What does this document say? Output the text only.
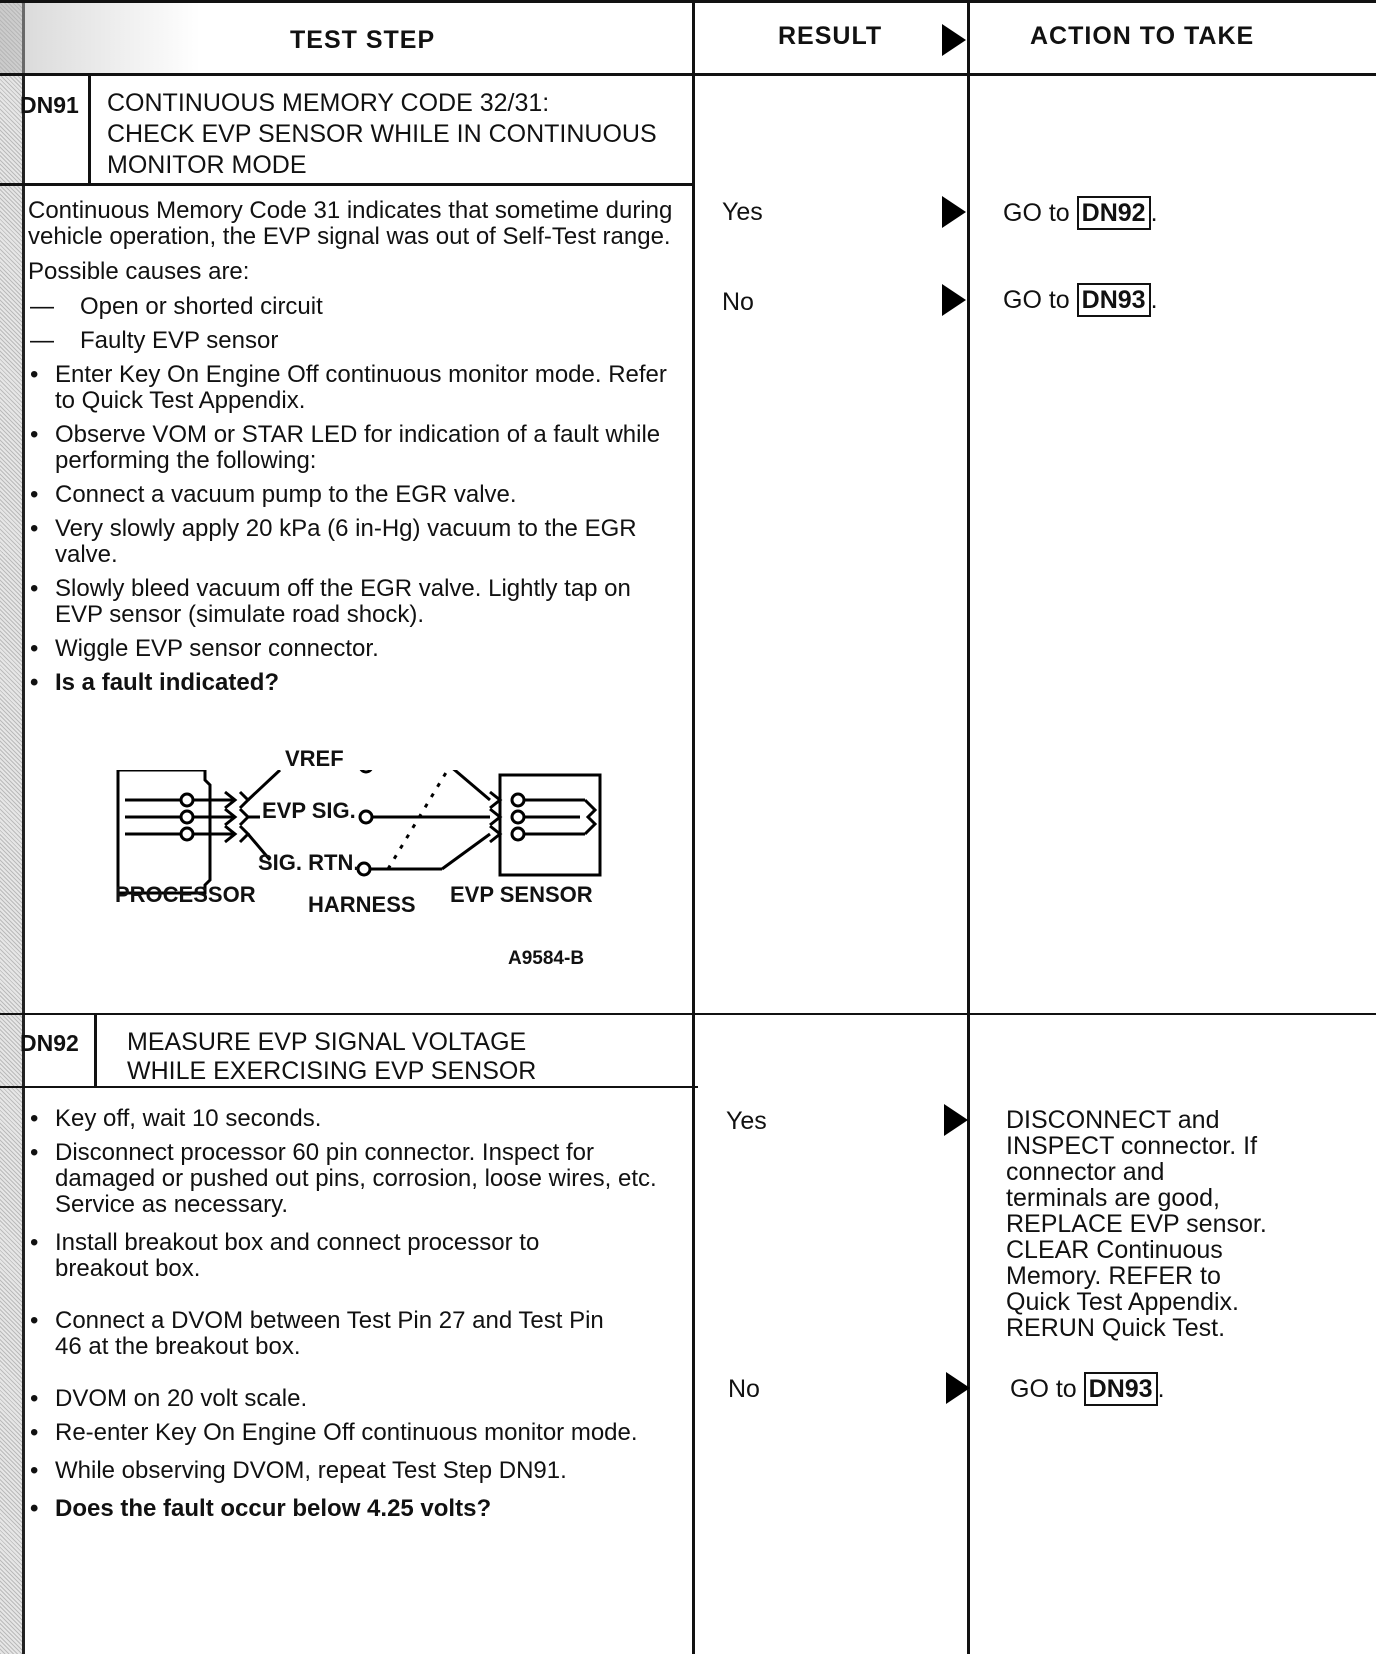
TEST STEP	RESULT	ACTION TO TAKE
DN91 CONTINUOUS MEMORY CODE 32/31:
CHECK EVP SENSOR WHILE IN CONTINUOUS
MONITOR MODE
Continuous Memory Code 31 indicates that sometime during vehicle operation, the EVP signal was out of Self-Test range.
Possible causes are:
— Open or shorted circuit
— Faulty EVP sensor
• Enter Key On Engine Off continuous monitor mode. Refer to Quick Test Appendix.
• Observe VOM or STAR LED for indication of a fault while performing the following:
• Connect a vacuum pump to the EGR valve.
• Very slowly apply 20 kPa (6 in-Hg) vacuum to the EGR valve.
• Slowly bleed vacuum off the EGR valve. Lightly tap on EVP sensor (simulate road shock).
• Wiggle EVP sensor connector.
• Is a fault indicated?
VREF
EVP SIG.
SIG. RTN.
PROCESSOR HARNESS EVP SENSOR
A9584-B
Yes	GO to DN92 .
No	GO to DN93 .
DN92 MEASURE EVP SIGNAL VOLTAGE
WHILE EXERCISING EVP SENSOR
• Key off, wait 10 seconds.
• Disconnect processor 60 pin connector. Inspect for damaged or pushed out pins, corrosion, loose wires, etc. Service as necessary.
• Install breakout box and connect processor to breakout box.
• Connect a DVOM between Test Pin 27 and Test Pin 46 at the breakout box.
• DVOM on 20 volt scale.
• Re-enter Key On Engine Off continuous monitor mode.
• While observing DVOM, repeat Test Step DN91.
• Does the fault occur below 4.25 volts?
Yes	DISCONNECT and
INSPECT connector. If
connector and
terminals are good,
REPLACE EVP sensor.
CLEAR Continuous
Memory. REFER to
Quick Test Appendix.
RERUN Quick Test.
No	GO to DN93 .
